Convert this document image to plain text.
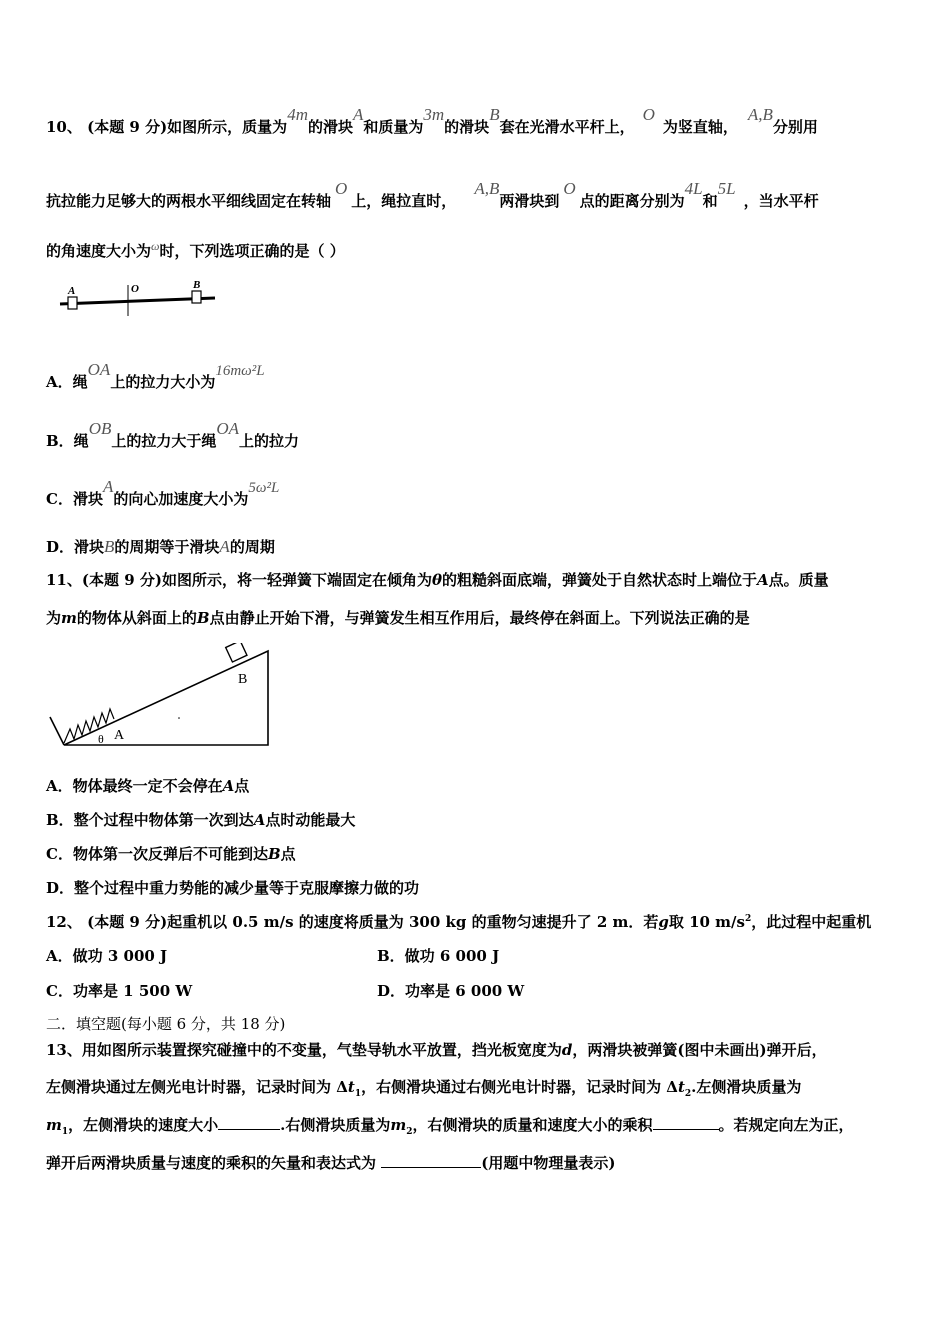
10、 (本题 9 分)如图所示，质量为4m的滑块A和质量为3m的滑块B套在光滑水平杆上，O为竖直轴，A,B分别用
抗拉能力足够大的两根水平细线固定在转轴O上，绳拉直时，A,B两滑块到O点的距离分别为4L和5L，当水平杆
的角速度大小为$^\omega$时，下列选项正确的是（ ）
A	O	B
A．绳OA上的拉力大小为16mω²L
B．绳OB上的拉力大于绳OA上的拉力
C．滑块A的向心加速度大小为5ω²L
D．滑块B的周期等于滑块A的周期
11、(本题 9 分)如图所示，将一轻弹簧下端固定在倾角为θ的粗糙斜面底端，弹簧处于自然状态时上端位于A点。质量
为m的物体从斜面上的B点由静止开始下滑，与弹簧发生相互作用后，最终停在斜面上。下列说法正确的是
B
θ A
A．物体最终一定不会停在A点
B．整个过程中物体第一次到达A点时动能最大
C．物体第一次反弹后不可能到达B点
D．整个过程中重力势能的减少量等于克服摩擦力做的功
12、 (本题 9 分)起重机以 0.5 m/s 的速度将质量为 300 kg 的重物匀速提升了 2 m．若g取 10 $m/s^2$，此过程中起重机
A．做功 3 000 J	B．做功 6 000 J
C．功率是 1 500 W	D．功率是 6 000 W
二．填空题(每小题 6 分，共 18 分)
13、用如图所示装置探究碰撞中的不变量，气垫导轨水平放置，挡光板宽度为d，两滑块被弹簧(图中未画出)弹开后，
左侧滑块通过左侧光电计时器，记录时间为 $\Delta t_1$，右侧滑块通过右侧光电计时器，记录时间为 $\Delta t_2$.左侧滑块质量为
$m_1$，左侧滑块的速度大小	.右侧滑块质量为$m_2$，右侧滑块的质量和速度大小的乘积	。若规定向左为正，
弹开后两滑块质量与速度的乘积的矢量和表达式为	(用题中物理量表示)
